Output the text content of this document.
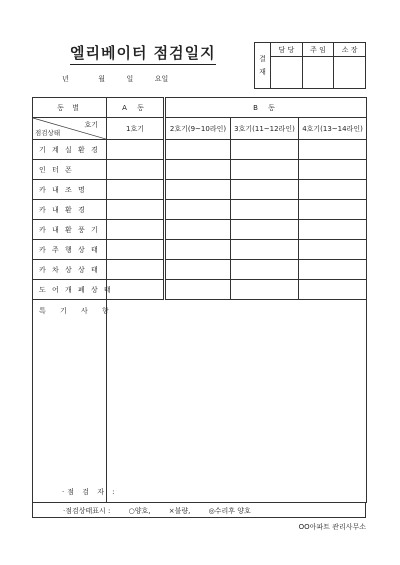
엘리베이터 점검일지
년	월	일	요일
결
재	담 당	주 임	소 장

동 별	A 동	B 동		

호기
점검상태	1호기	2호기(9~10라인)	3호기(11~12라인)	4호기(13~14라인)
기 계 실 환 경				
인 터 폰				
카 내 조 명				
카 내 환 경				
카 내 환 풍 기				
카 주 행 상 태				
카 차 상 상 태				
도 어 개 폐 상 태				
특 기 사 항				
·점 검 자 :
·점검상태표시 :	○양호,	×불량,	◎수리후 양호
OO아파트 관리사무소
